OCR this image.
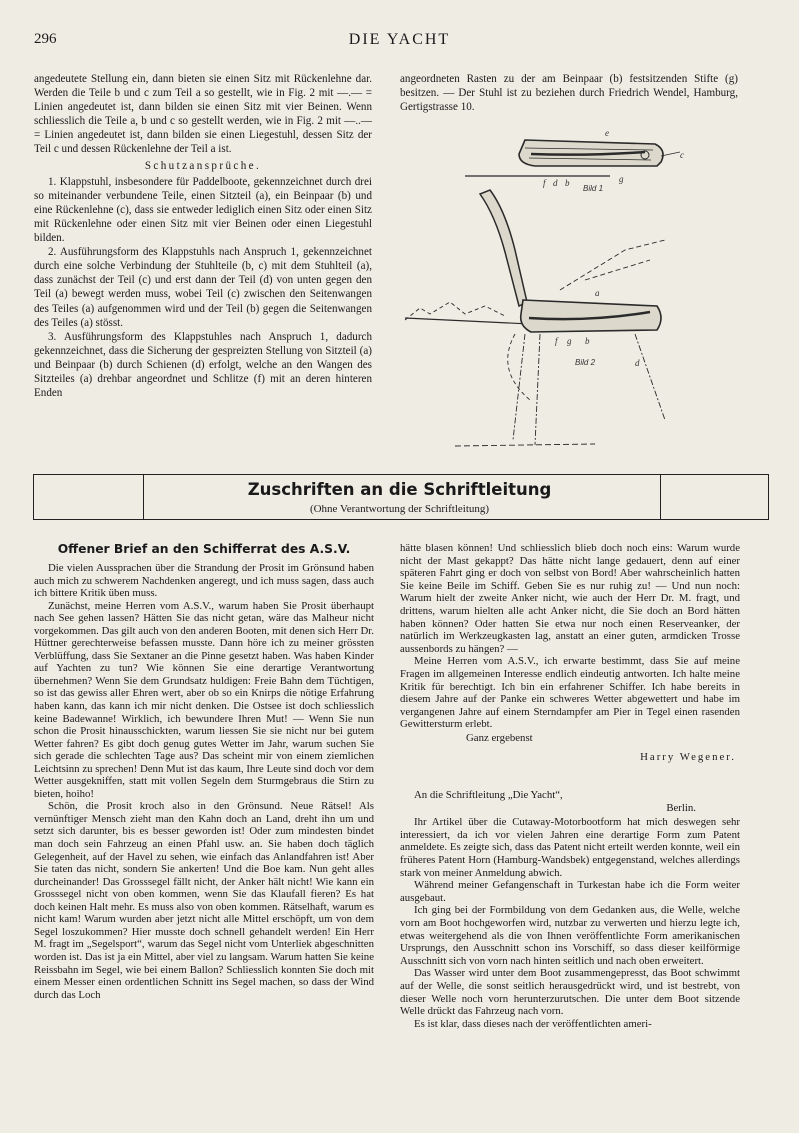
296	DIE YACHT

angedeutete Stellung ein, dann bieten sie einen Sitz mit Rückenlehne dar. Werden die Teile b und c zum Teil a so gestellt, wie in Fig. 2 mit —.— = Linien angedeutet ist, dann bilden sie einen Sitz mit vier Beinen. Wenn schliesslich die Teile a, b und c so gestellt werden, wie in Fig. 2 mit —..— = Linien angedeutet ist, dann bilden sie einen Liegestuhl, dessen Sitz der Teil c und dessen Rückenlehne der Teil a ist.

Schutzansprüche.

1. Klappstuhl, insbesondere für Paddelboote, gekennzeichnet durch drei so miteinander verbundene Teile, einen Sitzteil (a), ein Beinpaar (b) und eine Rückenlehne (c), dass sie entweder lediglich einen Sitz oder einen Sitz mit Rückenlehne oder einen Sitz mit vier Beinen oder einen Liegestuhl bilden.

2. Ausführungsform des Klappstuhls nach Anspruch 1, gekennzeichnet durch eine solche Verbindung der Stuhlteile (b, c) mit dem Stuhlteil (a), dass zunächst der Teil (c) und erst dann der Teil (d) von unten gegen den Teil (a) bewegt werden muss, wobei Teil (c) zwischen den Seitenwangen des Teiles (a) aufgenommen wird und der Teil (b) gegen die Seitenwangen des Teiles (a) stösst.

3. Ausführungsform des Klappstuhles nach Anspruch 1, dadurch gekennzeichnet, dass die Sicherung der gespreizten Stellung von Sitzteil (a) und Beinpaar (b) durch Schienen (d) erfolgt, welche an den Wangen des Sitzteiles (a) drehbar angeordnet und Schlitze (f) mit an deren hinteren Enden

angeordneten Rasten zu der am Beinpaar (b) festsitzenden Stifte (g) besitzen. — Der Stuhl ist zu beziehen durch Friedrich Wendel, Hamburg, Gertigstrasse 10.

Bild 1
c
e
f d b	g
Bild 2
a
f g b
d
Zuschriften an die Schriftleitung
(Ohne Verantwortung der Schriftleitung)
Offener Brief an den Schifferrat des A.S.V.

Die vielen Aussprachen über die Strandung der Prosit im Grönsund haben auch mich zu schwerem Nachdenken angeregt, und ich muss sagen, dass auch ich bittere Kritik üben muss.

Zunächst, meine Herren vom A.S.V., warum haben Sie Prosit überhaupt nach See gehen lassen? Hätten Sie das nicht getan, wäre das Malheur nicht vorgekommen. Das gilt auch von den anderen Booten, mit denen sich Herr Dr. Hüttner gerechterweise befassen musste. Dann höre ich zu meiner grössten Verblüffung, dass Sie Sextaner an die Pinne gesetzt haben. Was haben Kinder auf Yachten zu tun? Wie können Sie eine derartige Verantwortung übernehmen? Wenn Sie dem Grundsatz huldigen: Freie Bahn dem Tüchtigen, so ist das gewiss aller Ehren wert, aber ob so ein Knirps die nötige Erfahrung haben kann, das kann ich mir nicht denken. Die Ostsee ist doch schliesslich keine Badewanne! Wirklich, ich bewundere Ihren Mut! — Wenn Sie nun schon die Prosit hinausschickten, warum liessen Sie sie nicht nur bei gutem Wetter fahren? Es gibt doch genug gutes Wetter im Jahr, warum suchen Sie sich gerade die schlechten Tage aus? Das scheint mir von einem ziemlichen Leichtsinn zu sprechen! Denn Mut ist das kaum, Ihre Leute sind doch vor dem Wetter ausgekniffen, statt mit vollen Segeln dem Sturmgebraus die Stirn zu bieten, hoiho!

Schön, die Prosit kroch also in den Grönsund. Neue Rätsel! Als vernünftiger Mensch zieht man den Kahn doch an Land, dreht ihn um und setzt sich darunter, bis es besser geworden ist! Oder zum mindesten bindet man doch sein Fahrzeug an einen Pfahl usw. an. Sie haben doch täglich Gelegenheit, auf der Havel zu sehen, wie einfach das Anlandfahren ist! Aber Sie taten das nicht, sondern Sie ankerten! Und die Boe kam. Nun geht alles durcheinander! Das Grosssegel fällt nicht, der Anker hält nicht! Wie kann ein Grosssegel nicht von oben kommen, wenn Sie das Klaufall fieren? Es hat doch keinen Halt mehr. Es muss also von oben kommen. Rätselhaft, warum es nicht kam! Warum wurden aber jetzt nicht alle Mittel erschöpft, um von dem Segel loszukommen? Hier musste doch schnell gehandelt werden! Ein Herr M. fragt im „Segelsport“, warum das Segel nicht vom Unterliek abgeschnitten worden ist. Das ist ja ein Mittel, aber viel zu langsam. Warum hatten Sie keine Reissbahn im Segel, wie bei einem Ballon? Schliesslich konnten Sie doch mit einem Messer einen ordentlichen Schnitt ins Segel machen, so dass der Wind durch das Loch

hätte blasen können! Und schliesslich blieb doch noch eins: Warum wurde nicht der Mast gekappt? Das hätte nicht lange gedauert, denn auf einer späteren Fahrt ging er doch von selbst von Bord! Aber wahrscheinlich hatten Sie keine Beile im Schiff. Geben Sie es nur ruhig zu! — Und nun noch: Warum hielt der zweite Anker nicht, wie auch der Herr Dr. M. fragt, und drittens, warum hielten alle acht Anker nicht, die Sie doch an Bord hätten haben können? Oder hatten Sie etwa nur noch einen Reserveanker, der natürlich im Werkzeugkasten lag, anstatt an einer guten, armdicken Trosse aussenbords zu hängen? —

Meine Herren vom A.S.V., ich erwarte bestimmt, dass Sie auf meine Fragen im allgemeinen Interesse endlich eindeutig antworten. Ich halte meine Kritik für berechtigt. Ich bin ein erfahrener Schiffer. Ich habe bereits in diesem Jahre auf der Panke ein schweres Wetter abgewettert und habe im vergangenen Jahre auf einem Sterndampfer am Pier in Tegel einen rasenden Gewittersturm erlebt.

Ganz ergebenst

Harry Wegener.

An die Schriftleitung „Die Yacht“,

Berlin.

Ihr Artikel über die Cutaway-Motorbootform hat mich deswegen sehr interessiert, da ich vor vielen Jahren eine derartige Form zum Patent anmeldete. Es zeigte sich, dass das Patent nicht erteilt werden konnte, weil ein früheres Patent Horn (Hamburg-Wandsbek) entgegenstand, welches allerdings stark von meiner Anmeldung abwich.

Während meiner Gefangenschaft in Turkestan habe ich die Form weiter ausgebaut.

Ich ging bei der Formbildung von dem Gedanken aus, die Welle, welche vorn am Boot hochgeworfen wird, nutzbar zu verwerten und hierzu legte ich, etwas weitergehend als die von Ihnen veröffentlichte Form amerikanischen Ursprungs, den Ausschnitt schon ins Vorschiff, so dass dieser keilförmige Ausschnitt sich von vorn nach hinten seitlich und nach oben erweitert.

Das Wasser wird unter dem Boot zusammengepresst, das Boot schwimmt auf der Welle, die sonst seitlich herausgedrückt wird, und ist bestrebt, von dieser Welle noch vorn herunterzurutschen. Die unter dem Boot sitzende Welle drückt das Fahrzeug nach vorn.

Es ist klar, dass dieses nach der veröffentlichten ameri-
